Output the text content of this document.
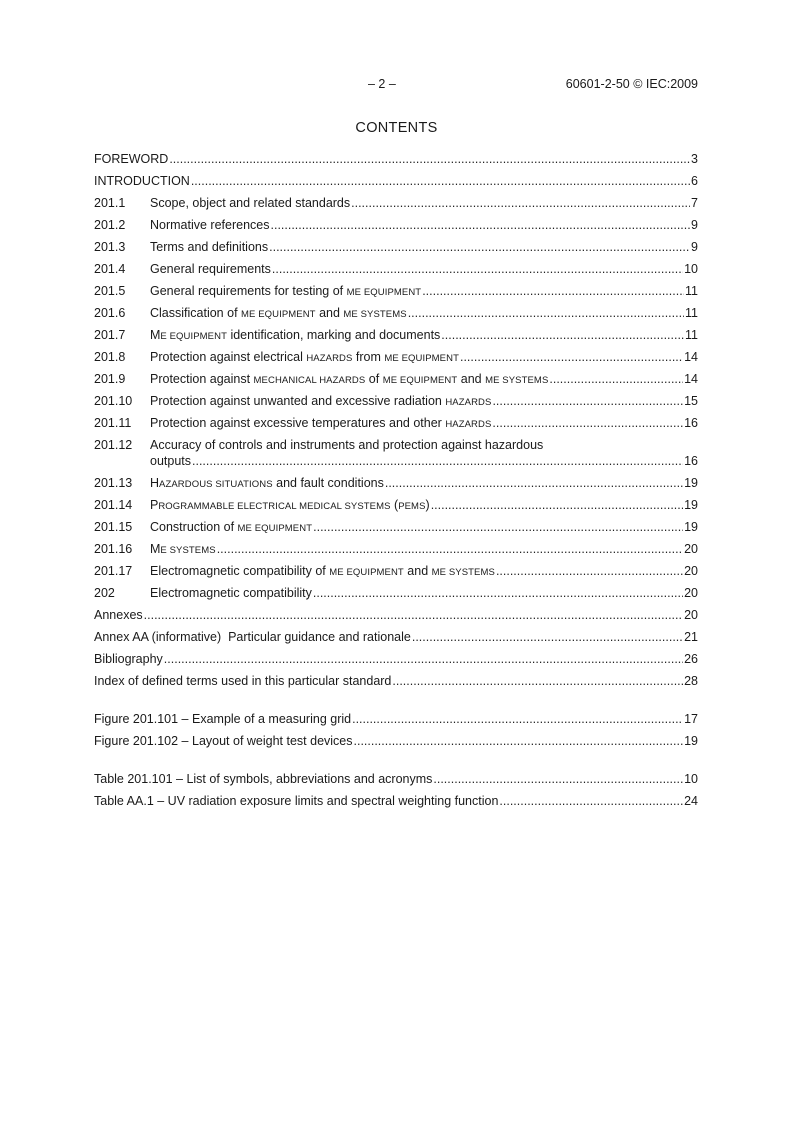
– 2 –	60601-2-50 © IEC:2009
CONTENTS
FOREWORD .....	3
INTRODUCTION .....	6
201.1	Scope, object and related standards .....	7
201.2	Normative references .....	9
201.3	Terms and definitions .....	9
201.4	General requirements .....	10
201.5	General requirements for testing of ME EQUIPMENT .....	11
201.6	Classification of ME EQUIPMENT and ME SYSTEMS .....	11
201.7	ME EQUIPMENT identification, marking and documents .....	11
201.8	Protection against electrical HAZARDS from ME EQUIPMENT .....	14
201.9	Protection against MECHANICAL HAZARDS of ME EQUIPMENT and ME SYSTEMS .....	14
201.10	Protection against unwanted and excessive radiation HAZARDS .....	15
201.11	Protection against excessive temperatures and other HAZARDS .....	16
201.12	Accuracy of controls and instruments and protection against hazardous
outputs .....	16
201.13	HAZARDOUS SITUATIONS and fault conditions .....	19
201.14	PROGRAMMABLE ELECTRICAL MEDICAL SYSTEMS (PEMS) .....	19
201.15	Construction of ME EQUIPMENT .....	19
201.16	ME SYSTEMS .....	20
201.17	Electromagnetic compatibility of ME EQUIPMENT and ME SYSTEMS .....	20
202	Electromagnetic compatibility .....	20
Annexes .....	20
Annex AA (informative)  Particular guidance and rationale .....	21
Bibliography .....	26
Index of defined terms used in this particular standard .....	28
Figure 201.101 – Example of a measuring grid .....	17
Figure 201.102 – Layout of weight test devices .....	19
Table 201.101 – List of symbols, abbreviations and acronyms .....	10
Table AA.1 – UV radiation exposure limits and spectral weighting function .....	24
